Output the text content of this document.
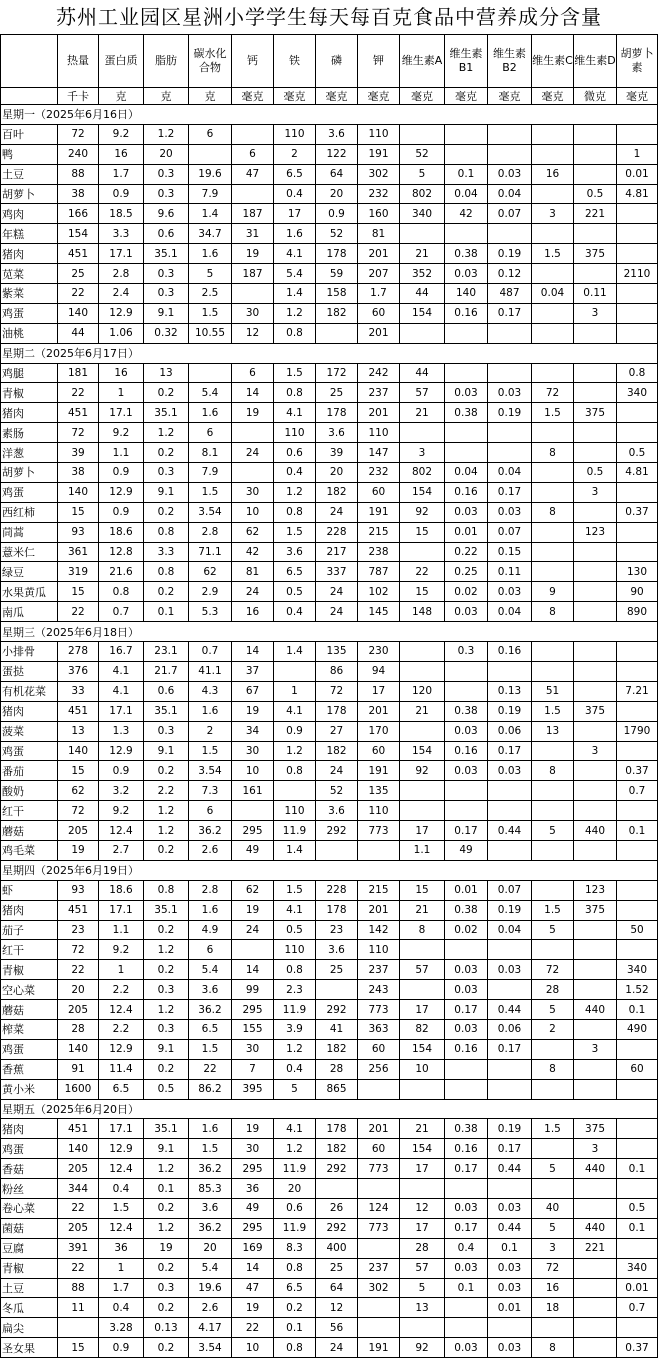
苏州工业园区星洲小学学生每天每百克食品中营养成分含量
	热量	蛋白质	脂肪	碳水化合物	钙	铁	磷	钾	维生素A	维生素B1	维生素B2	维生素C	维生素D	胡萝卜素
	千卡	克	克	克	毫克	毫克	毫克	毫克	毫克	毫克	毫克	毫克	微克	毫克
星期一（2025年6月16日）														
百叶	72	9.2	1.2	6		110	3.6	110						
鸭	240	16	20		6	2	122	191	52					1
土豆	88	1.7	0.3	19.6	47	6.5	64	302	5	0.1	0.03	16		0.01
胡萝卜	38	0.9	0.3	7.9		0.4	20	232	802	0.04	0.04		0.5	4.81
鸡肉	166	18.5	9.6	1.4	187	17	0.9	160	340	42	0.07	3	221	
年糕	154	3.3	0.6	34.7	31	1.6	52	81						
猪肉	451	17.1	35.1	1.6	19	4.1	178	201	21	0.38	0.19	1.5	375	
苋菜	25	2.8	0.3	5	187	5.4	59	207	352	0.03	0.12			2110
紫菜	22	2.4	0.3	2.5		1.4	158	1.7	44	140	487	0.04	0.11	
鸡蛋	140	12.9	9.1	1.5	30	1.2	182	60	154	0.16	0.17		3	
油桃	44	1.06	0.32	10.55	12	0.8		201						
星期二（2025年6月17日）														
鸡腿	181	16	13		6	1.5	172	242	44					0.8
青椒	22	1	0.2	5.4	14	0.8	25	237	57	0.03	0.03	72		340
猪肉	451	17.1	35.1	1.6	19	4.1	178	201	21	0.38	0.19	1.5	375	
素肠	72	9.2	1.2	6		110	3.6	110						
洋葱	39	1.1	0.2	8.1	24	0.6	39	147	3			8		0.5
胡萝卜	38	0.9	0.3	7.9		0.4	20	232	802	0.04	0.04		0.5	4.81
鸡蛋	140	12.9	9.1	1.5	30	1.2	182	60	154	0.16	0.17		3	
西红柿	15	0.9	0.2	3.54	10	0.8	24	191	92	0.03	0.03	8		0.37
茼蒿	93	18.6	0.8	2.8	62	1.5	228	215	15	0.01	0.07		123	
薏米仁	361	12.8	3.3	71.1	42	3.6	217	238		0.22	0.15			
绿豆	319	21.6	0.8	62	81	6.5	337	787	22	0.25	0.11			130
水果黄瓜	15	0.8	0.2	2.9	24	0.5	24	102	15	0.02	0.03	9		90
南瓜	22	0.7	0.1	5.3	16	0.4	24	145	148	0.03	0.04	8		890
星期三（2025年6月18日）														
小排骨	278	16.7	23.1	0.7	14	1.4	135	230		0.3	0.16			
蛋挞	376	4.1	21.7	41.1	37		86	94						
有机花菜	33	4.1	0.6	4.3	67	1	72	17	120		0.13	51		7.21
猪肉	451	17.1	35.1	1.6	19	4.1	178	201	21	0.38	0.19	1.5	375	
菠菜	13	1.3	0.3	2	34	0.9	27	170		0.03	0.06	13		1790
鸡蛋	140	12.9	9.1	1.5	30	1.2	182	60	154	0.16	0.17		3	
番茄	15	0.9	0.2	3.54	10	0.8	24	191	92	0.03	0.03	8		0.37
酸奶	62	3.2	2.2	7.3	161		52	135						0.7
红干	72	9.2	1.2	6		110	3.6	110						
蘑菇	205	12.4	1.2	36.2	295	11.9	292	773	17	0.17	0.44	5	440	0.1
鸡毛菜	19	2.7	0.2	2.6	49	1.4			1.1	49				
星期四（2025年6月19日）														
虾	93	18.6	0.8	2.8	62	1.5	228	215	15	0.01	0.07		123	
猪肉	451	17.1	35.1	1.6	19	4.1	178	201	21	0.38	0.19	1.5	375	
茄子	23	1.1	0.2	4.9	24	0.5	23	142	8	0.02	0.04	5		50
红干	72	9.2	1.2	6		110	3.6	110						
青椒	22	1	0.2	5.4	14	0.8	25	237	57	0.03	0.03	72		340
空心菜	20	2.2	0.3	3.6	99	2.3		243		0.03		28		1.52
蘑菇	205	12.4	1.2	36.2	295	11.9	292	773	17	0.17	0.44	5	440	0.1
榨菜	28	2.2	0.3	6.5	155	3.9	41	363	82	0.03	0.06	2		490
鸡蛋	140	12.9	9.1	1.5	30	1.2	182	60	154	0.16	0.17		3	
香蕉	91	11.4	0.2	22	7	0.4	28	256	10			8		60
黄小米	1600	6.5	0.5	86.2	395	5	865							
星期五（2025年6月20日）														
猪肉	451	17.1	35.1	1.6	19	4.1	178	201	21	0.38	0.19	1.5	375	
鸡蛋	140	12.9	9.1	1.5	30	1.2	182	60	154	0.16	0.17		3	
香菇	205	12.4	1.2	36.2	295	11.9	292	773	17	0.17	0.44	5	440	0.1
粉丝	344	0.4	0.1	85.3	36	20								
卷心菜	22	1.5	0.2	3.6	49	0.6	26	124	12	0.03	0.03	40		0.5
菌菇	205	12.4	1.2	36.2	295	11.9	292	773	17	0.17	0.44	5	440	0.1
豆腐	391	36	19	20	169	8.3	400		28	0.4	0.1	3	221	
青椒	22	1	0.2	5.4	14	0.8	25	237	57	0.03	0.03	72		340
土豆	88	1.7	0.3	19.6	47	6.5	64	302	5	0.1	0.03	16		0.01
冬瓜	11	0.4	0.2	2.6	19	0.2	12		13		0.01	18		0.7
扁尖		3.28	0.13	4.17	22	0.1	56							
圣女果	15	0.9	0.2	3.54	10	0.8	24	191	92	0.03	0.03	8		0.37
